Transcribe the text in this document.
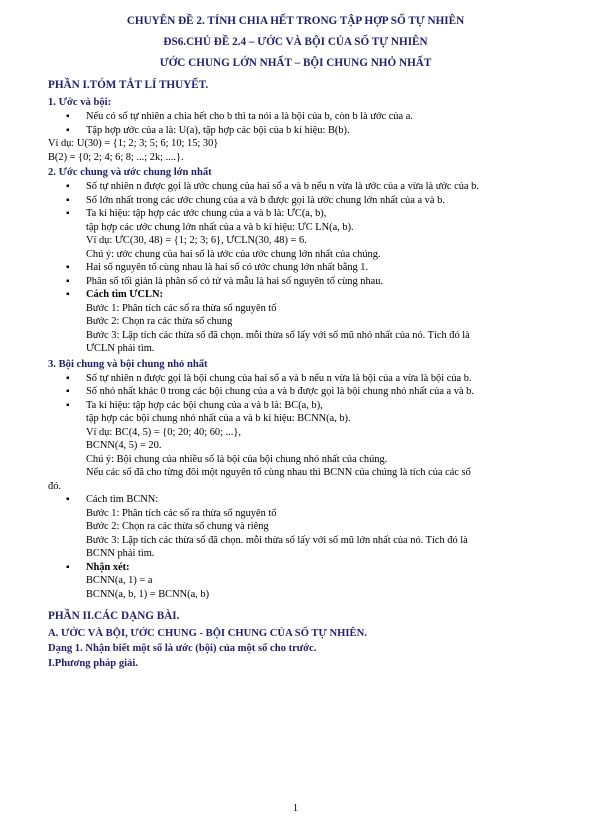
CHUYÊN ĐỀ 2. TÍNH CHIA HẾT TRONG TẬP HỢP SỐ TỰ NHIÊN
ĐS6.CHỦ ĐỀ 2.4 – ƯỚC VÀ BỘI CỦA SỐ TỰ NHIÊN
ƯỚC CHUNG LỚN NHẤT – BỘI CHUNG NHỎ NHẤT
PHẦN I.TÓM TẮT LÍ THUYẾT.
1. Ước và bội:

▪ Nếu có số tự nhiên a chia hết cho b thì ta nói a là bội của b, còn b là ước của a.

▪ Tập hợp ước của a là: U(a), tập hợp các bội của b kí hiệu: B(b).

Ví dụ: U(30) = {1; 2; 3; 5; 6; 10; 15; 30}

B(2) = {0; 2; 4; 6; 8; ...; 2k; ....}.

2. Ước chung và ước chung lớn nhất

▪ Số tự nhiên n được gọi là ước chung của hai số a và b nếu n vừa là ước của a vừa là ước của b.

▪ Số lớn nhất trong các ước chung của a và b được gọi là ước chung lớn nhất của a và b.

▪ Ta kí hiệu: tập hợp các ước chung của a và b là: ƯC(a, b),

tập hợp các ước chung lớn nhất của a và b kí hiệu: ƯC LN(a, b).

Ví dụ: ƯC(30, 48) = {1; 2; 3; 6}, ƯCLN(30, 48) = 6.

Chú ý: ước chung của hai số là ước của ước chung lớn nhất của chúng.

▪ Hai số nguyên tố cùng nhau là hai số có ước chung lớn nhất bằng 1.

▪ Phân số tối giản là phân số có tử và mẫu là hai số nguyên tố cùng nhau.

▪ Cách tìm ƯCLN:

Bước 1: Phân tích các số ra thừa số nguyên tố

Bước 2: Chọn ra các thừa số chung

Bước 3: Lập tích các thừa số đã chọn. mỗi thừa số lấy với số mũ nhỏ nhất của nó. Tích đó là

ƯCLN phải tìm.

3. Bội chung và bội chung nhỏ nhất

▪ Số tự nhiên n được gọi là bội chung của hai số a và b nếu n vừa là bội của a vừa là bội của b.

▪ Số nhỏ nhất khác 0 trong các bội chung của a và b được gọi là bội chung nhỏ nhất của a và b.

▪ Ta kí hiệu: tập hợp các bội chung của a và b là: BC(a, b),

tập hợp các bội chung nhỏ nhất của a và b kí hiệu: BCNN(a, b).

Ví dụ: BC(4, 5) = {0; 20; 40; 60; ...},

BCNN(4, 5) = 20.

Chú ý: Bội chung của nhiều số là bội của bội chung nhỏ nhất của chúng.

Nếu các số đã cho từng đôi một nguyên tố cùng nhau thì BCNN của chúng là tích của các số

đó.

▪ Cách tìm BCNN:

Bước 1: Phân tích các số ra thừa số nguyên tố

Bước 2: Chọn ra các thừa số chung và riêng

Bước 3: Lập tích các thừa số đã chọn. mỗi thừa số lấy với số mũ lớn nhất của nó. Tích đó là

BCNN phải tìm.

▪ Nhận xét:

BCNN(a, 1) = a

BCNN(a, b, 1) = BCNN(a, b)

PHẦN II.CÁC DẠNG BÀI.
A. ƯỚC VÀ BỘI, ƯỚC CHUNG - BỘI CHUNG CỦA SỐ TỰ NHIÊN.
Dạng 1. Nhận biết một số là ước (bội) của một số cho trước.
I.Phương pháp giải.
1
